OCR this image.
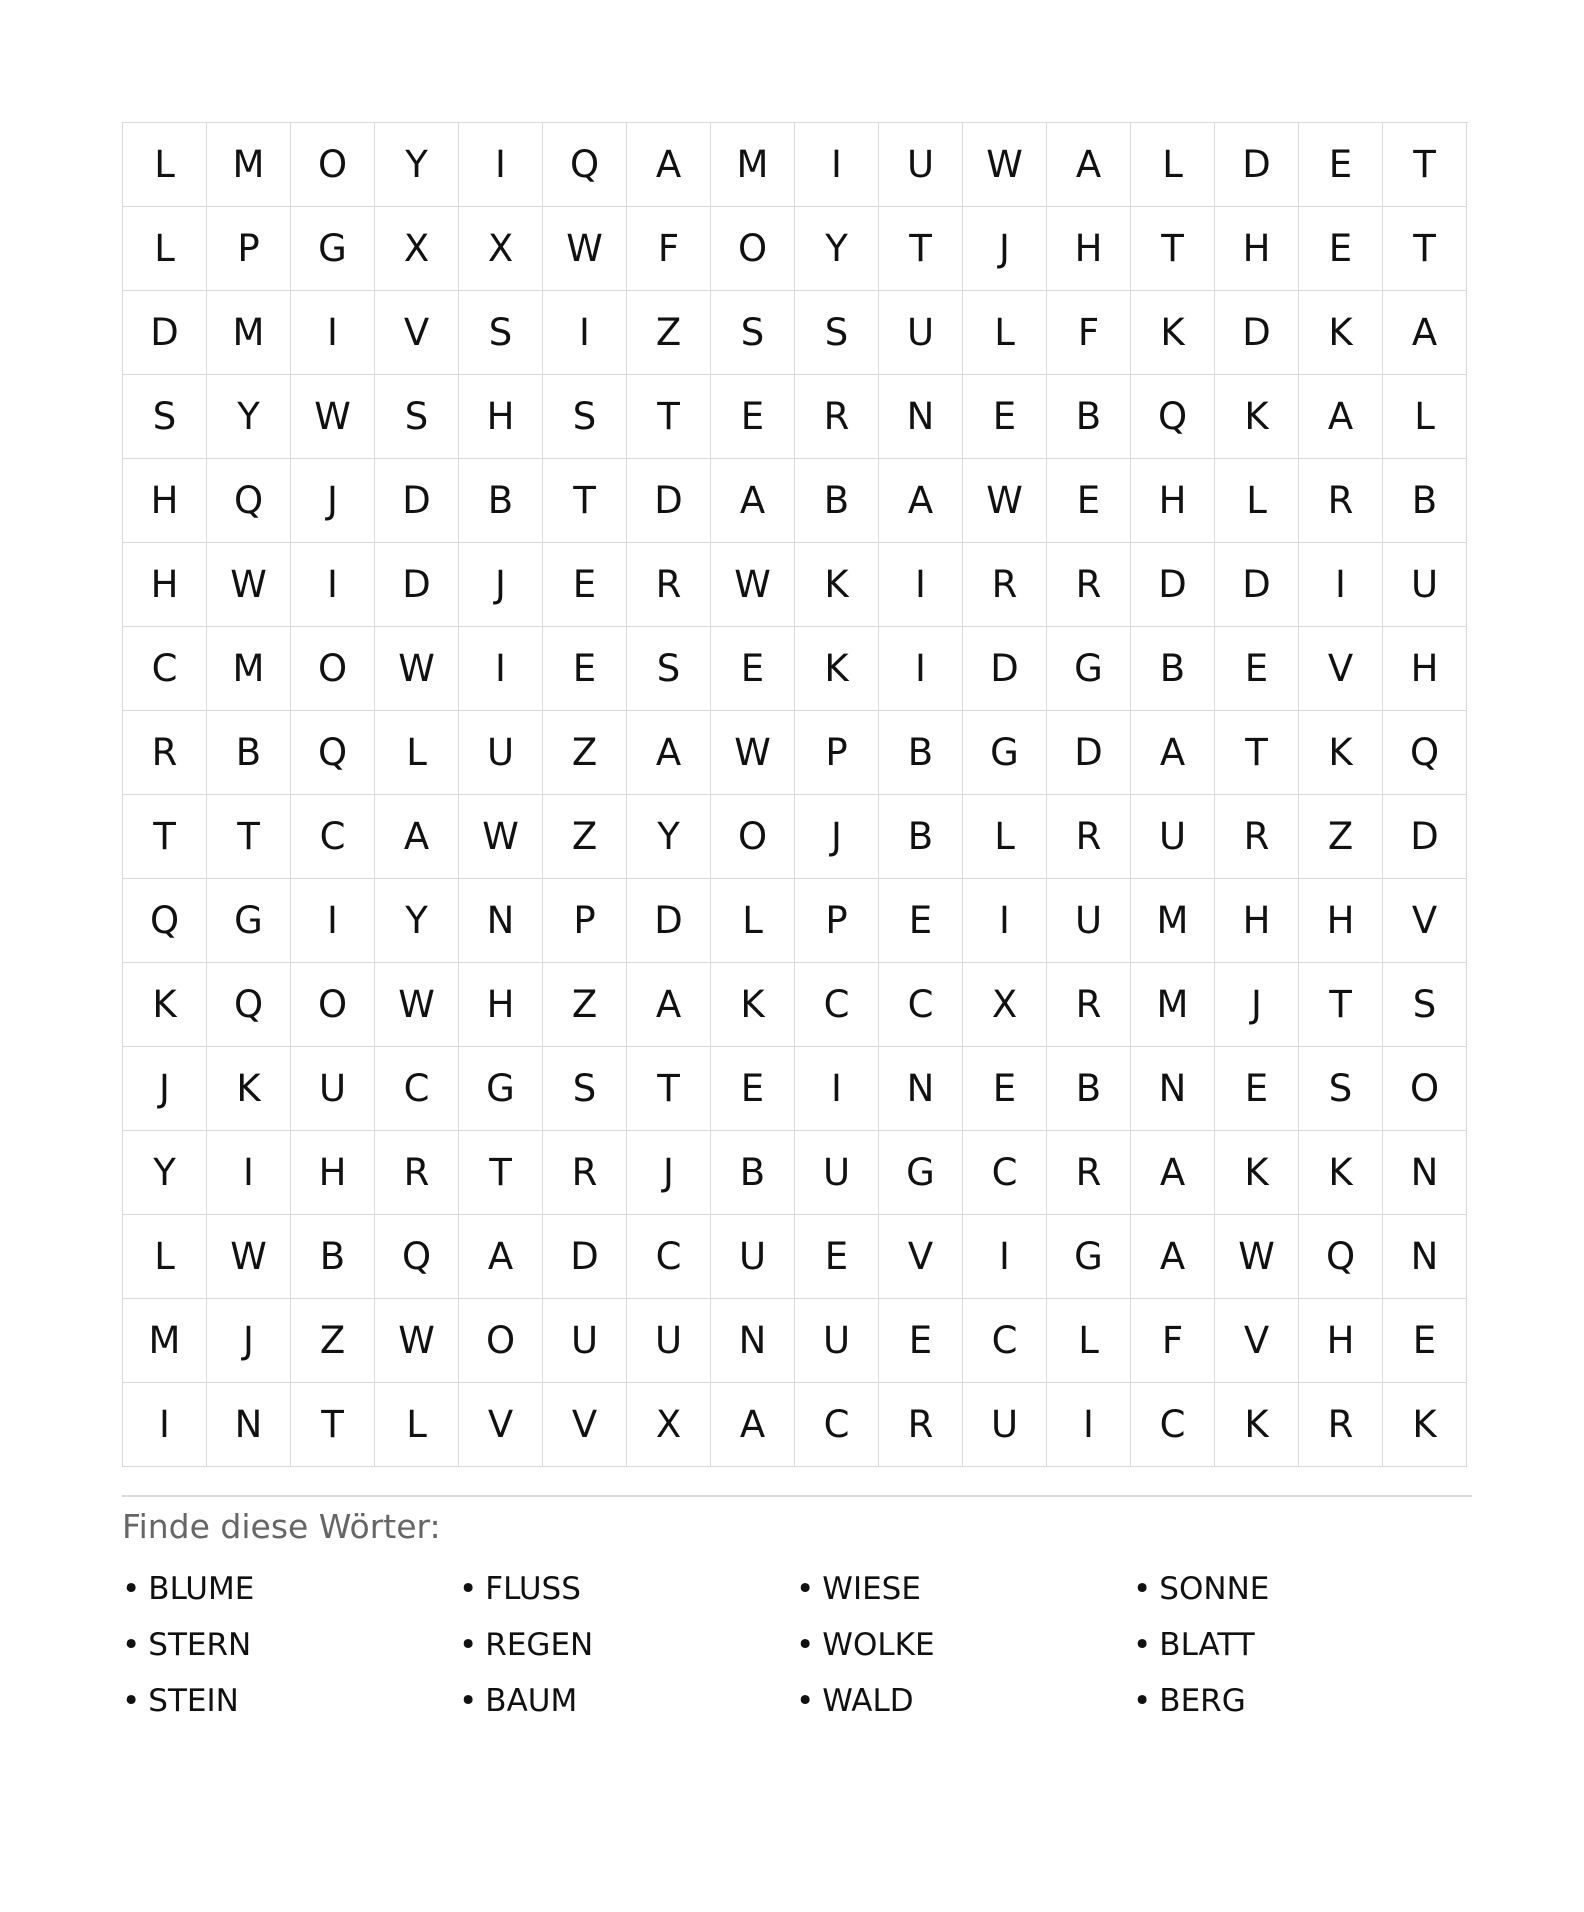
L	M	O	Y	I	Q	A	M	I	U	W	A	L	D	E	T
L	P	G	X	X	W	F	O	Y	T	J	H	T	H	E	T
D	M	I	V	S	I	Z	S	S	U	L	F	K	D	K	A
S	Y	W	S	H	S	T	E	R	N	E	B	Q	K	A	L
H	Q	J	D	B	T	D	A	B	A	W	E	H	L	R	B
H	W	I	D	J	E	R	W	K	I	R	R	D	D	I	U
C	M	O	W	I	E	S	E	K	I	D	G	B	E	V	H
R	B	Q	L	U	Z	A	W	P	B	G	D	A	T	K	Q
T	T	C	A	W	Z	Y	O	J	B	L	R	U	R	Z	D
Q	G	I	Y	N	P	D	L	P	E	I	U	M	H	H	V
K	Q	O	W	H	Z	A	K	C	C	X	R	M	J	T	S
J	K	U	C	G	S	T	E	I	N	E	B	N	E	S	O
Y	I	H	R	T	R	J	B	U	G	C	R	A	K	K	N
L	W	B	Q	A	D	C	U	E	V	I	G	A	W	Q	N
M	J	Z	W	O	U	U	N	U	E	C	L	F	V	H	E
I	N	T	L	V	V	X	A	C	R	U	I	C	K	R	K
Finde diese Wörter:
• BLUME	• FLUSS	• WIESE	• SONNE
• STERN	• REGEN	• WOLKE	• BLATT
• STEIN	• BAUM	• WALD	• BERG
